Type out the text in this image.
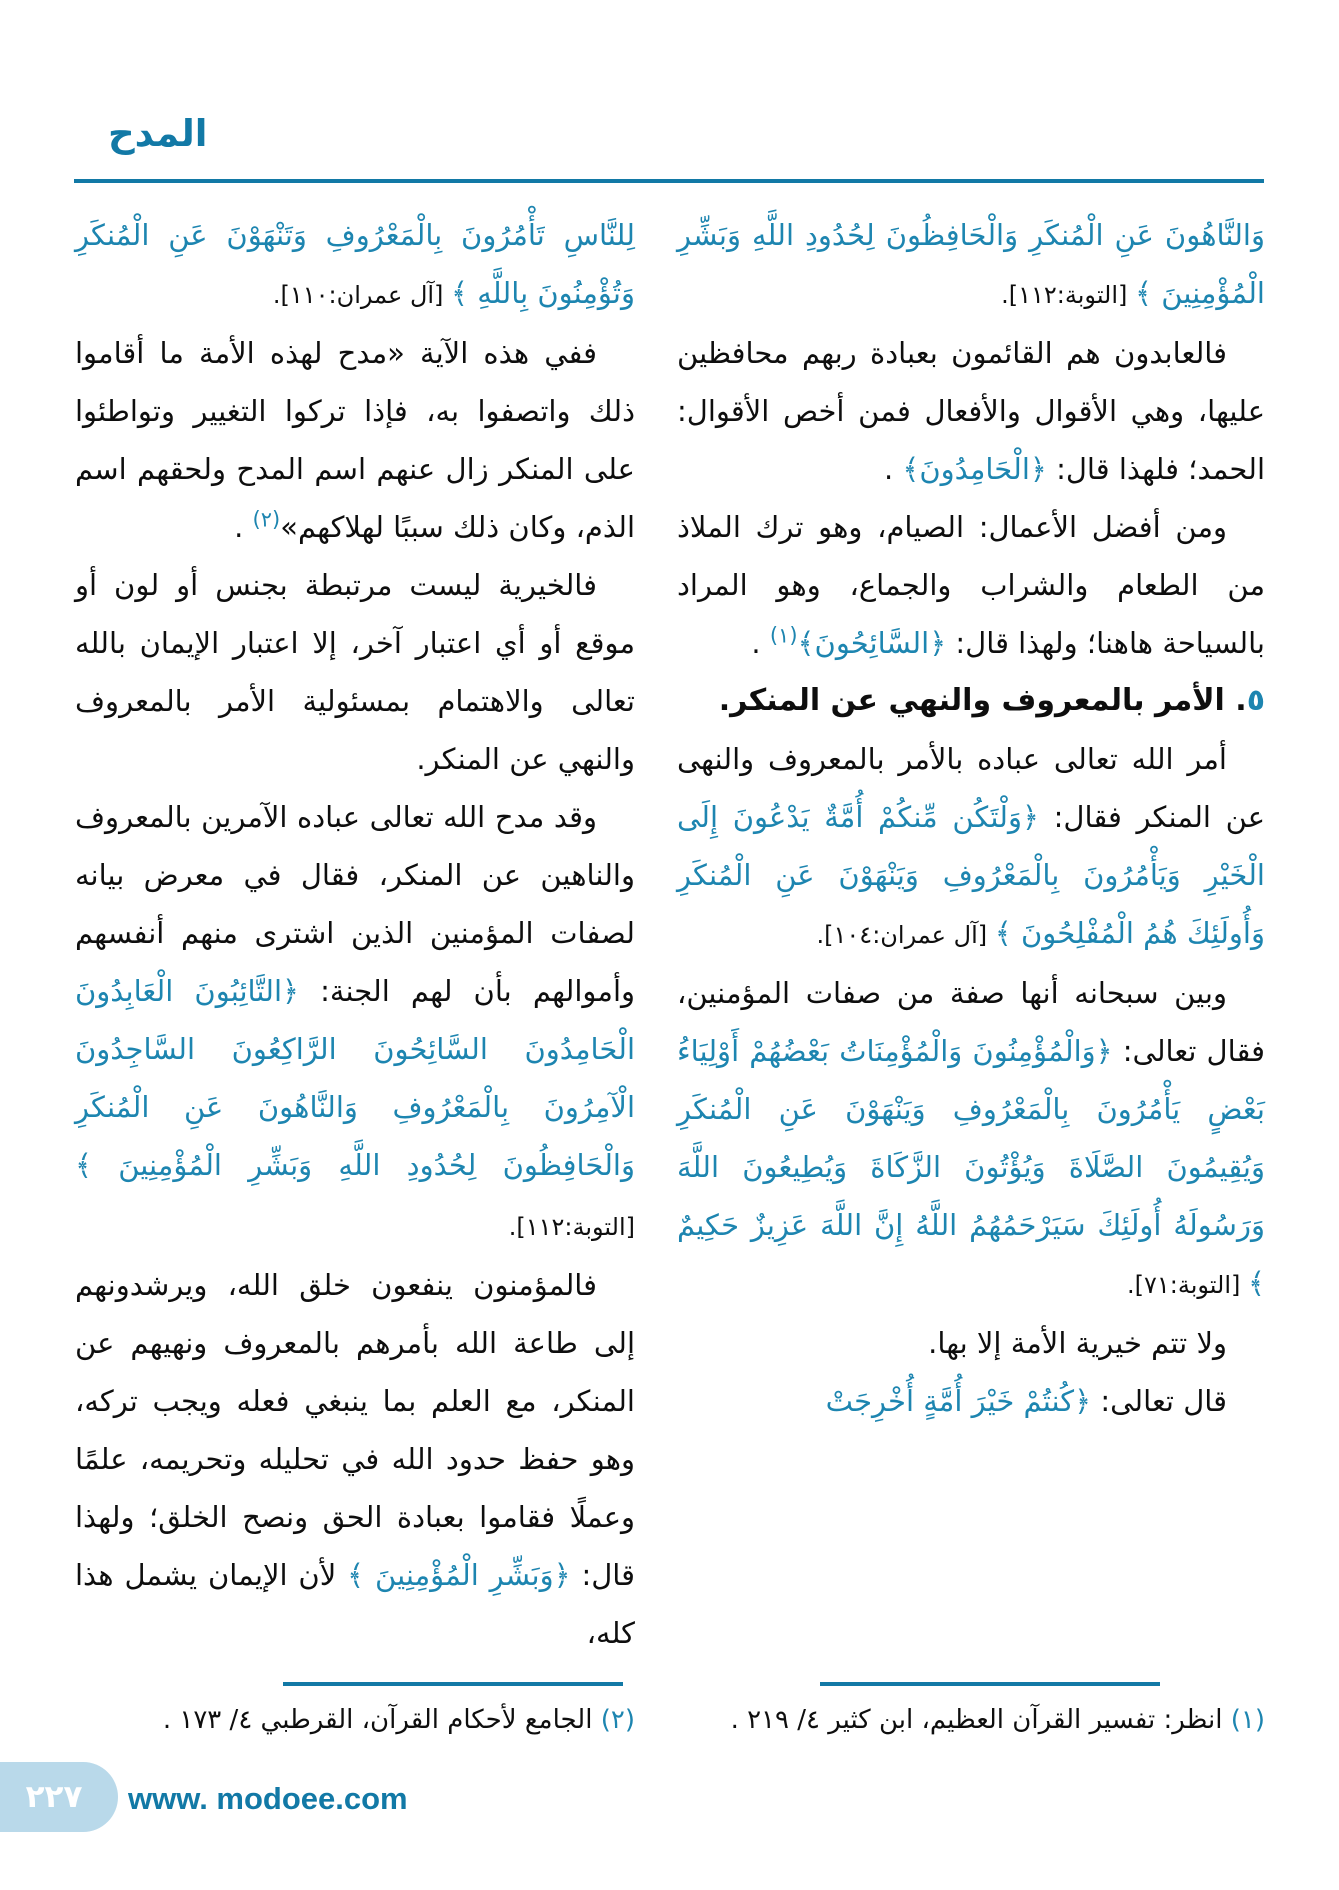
المدح
وَالنَّاهُونَ عَنِ الْمُنكَرِ وَالْحَافِظُونَ لِحُدُودِ اللَّهِ وَبَشِّرِ الْمُؤْمِنِينَ ﴾ [التوبة:١١٢].
فالعابدون هم القائمون بعبادة ربهم محافظين عليها، وهي الأقوال والأفعال فمن أخص الأقوال: الحمد؛ فلهذا قال: ﴿الْحَامِدُونَ﴾ .
ومن أفضل الأعمال: الصيام، وهو ترك الملاذ من الطعام والشراب والجماع، وهو المراد بالسياحة هاهنا؛ ولهذا قال: ﴿السَّائِحُونَ﴾$^{(١)}$ .
٥. الأمر بالمعروف والنهي عن المنكر.
أمر الله تعالى عباده بالأمر بالمعروف والنهى عن المنكر فقال: ﴿وَلْتَكُن مِّنكُمْ أُمَّةٌ يَدْعُونَ إِلَى الْخَيْرِ وَيَأْمُرُونَ بِالْمَعْرُوفِ وَيَنْهَوْنَ عَنِ الْمُنكَرِ وَأُولَئِكَ هُمُ الْمُفْلِحُونَ ﴾ [آل عمران:١٠٤].
وبين سبحانه أنها صفة من صفات المؤمنين، فقال تعالى: ﴿وَالْمُؤْمِنُونَ وَالْمُؤْمِنَاتُ بَعْضُهُمْ أَوْلِيَاءُ بَعْضٍ يَأْمُرُونَ بِالْمَعْرُوفِ وَيَنْهَوْنَ عَنِ الْمُنكَرِ وَيُقِيمُونَ الصَّلَاةَ وَيُؤْتُونَ الزَّكَاةَ وَيُطِيعُونَ اللَّهَ وَرَسُولَهُ أُولَئِكَ سَيَرْحَمُهُمُ اللَّهُ إِنَّ اللَّهَ عَزِيزٌ حَكِيمٌ ﴾ [التوبة:٧١].
ولا تتم خيرية الأمة إلا بها.
قال تعالى: ﴿كُنتُمْ خَيْرَ أُمَّةٍ أُخْرِجَتْ
لِلنَّاسِ تَأْمُرُونَ بِالْمَعْرُوفِ وَتَنْهَوْنَ عَنِ الْمُنكَرِ وَتُؤْمِنُونَ بِاللَّهِ ﴾ [آل عمران:١١٠].
ففي هذه الآية «مدح لهذه الأمة ما أقاموا ذلك واتصفوا به، فإذا تركوا التغيير وتواطئوا على المنكر زال عنهم اسم المدح ولحقهم اسم الذم، وكان ذلك سببًا لهلاكهم»$^{(٢)}$ .
فالخيرية ليست مرتبطة بجنس أو لون أو موقع أو أي اعتبار آخر، إلا اعتبار الإيمان بالله تعالى والاهتمام بمسئولية الأمر بالمعروف والنهي عن المنكر.
وقد مدح الله تعالى عباده الآمرين بالمعروف والناهين عن المنكر، فقال في معرض بيانه لصفات المؤمنين الذين اشترى منهم أنفسهم وأموالهم بأن لهم الجنة: ﴿التَّائِبُونَ الْعَابِدُونَ الْحَامِدُونَ السَّائِحُونَ الرَّاكِعُونَ السَّاجِدُونَ الْآمِرُونَ بِالْمَعْرُوفِ وَالنَّاهُونَ عَنِ الْمُنكَرِ وَالْحَافِظُونَ لِحُدُودِ اللَّهِ وَبَشِّرِ الْمُؤْمِنِينَ ﴾ [التوبة:١١٢].
فالمؤمنون ينفعون خلق الله، ويرشدونهم إلى طاعة الله بأمرهم بالمعروف ونهيهم عن المنكر، مع العلم بما ينبغي فعله ويجب تركه، وهو حفظ حدود الله في تحليله وتحريمه، علمًا وعملًا فقاموا بعبادة الحق ونصح الخلق؛ ولهذا قال: ﴿وَبَشِّرِ الْمُؤْمِنِينَ ﴾ لأن الإيمان يشمل هذا كله،
(١) انظر: تفسير القرآن العظيم، ابن كثير ٤/ ٢١٩ .
(٢) الجامع لأحكام القرآن، القرطبي ٤/ ١٧٣ .
٢٢٧ www. modoee.com
